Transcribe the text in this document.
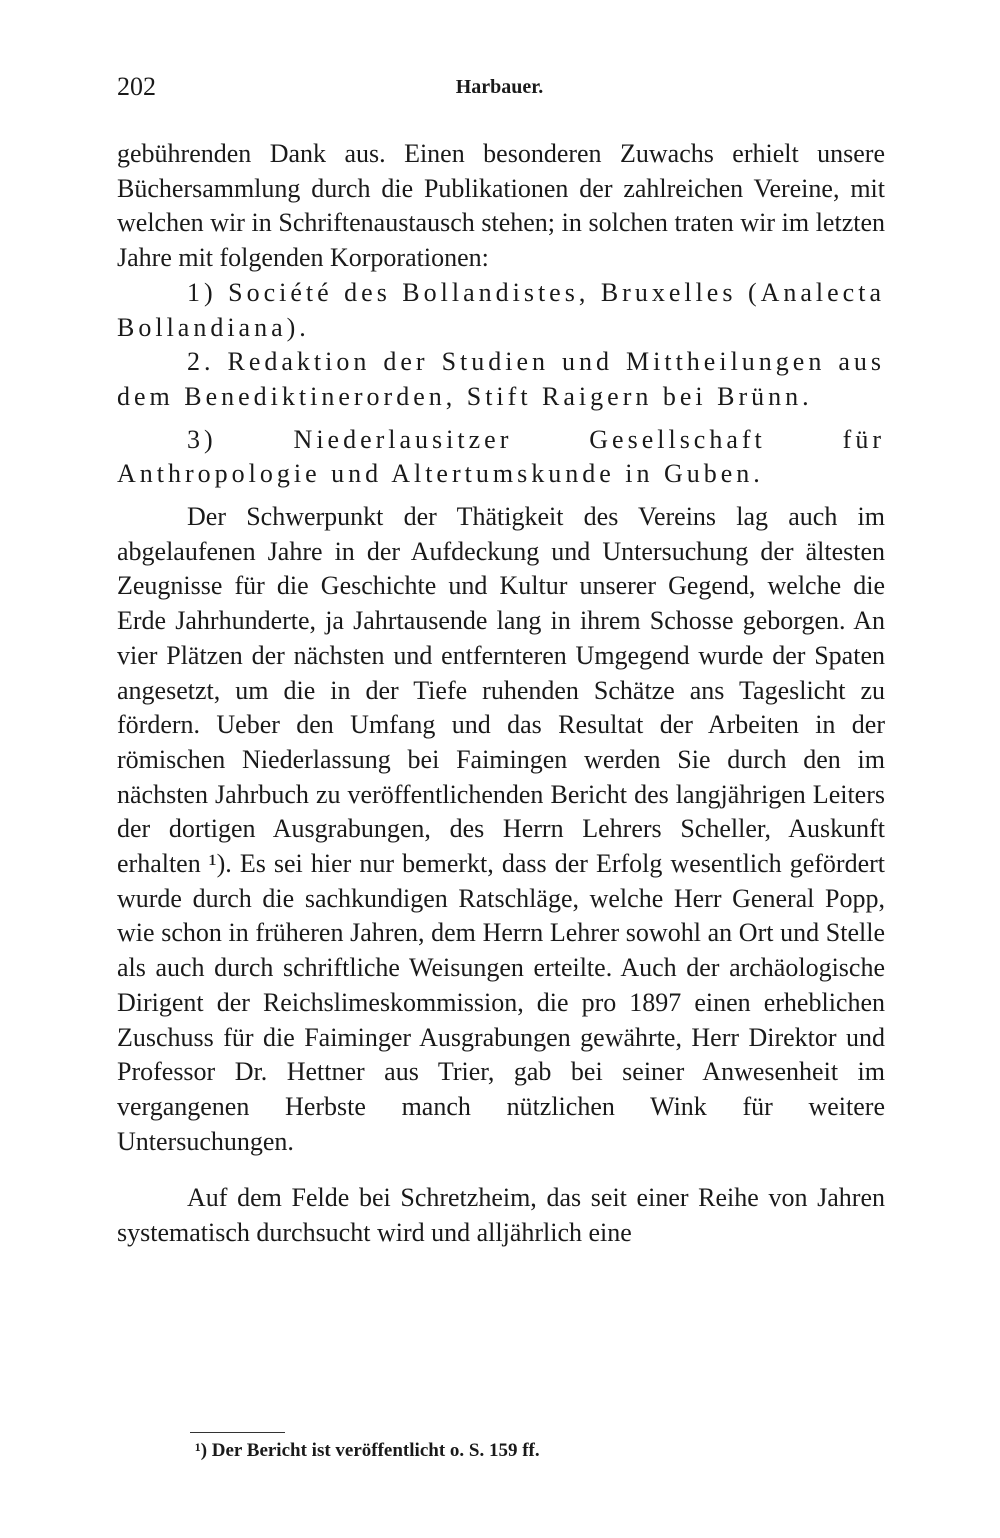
202	Harbauer.

gebührenden Dank aus. Einen besonderen Zuwachs erhielt unsere Büchersammlung durch die Publikationen der zahlreichen Vereine, mit welchen wir in Schriftenaustausch stehen; in solchen traten wir im letzten Jahre mit folgenden Korporationen:

1) Société des Bollandistes, Bruxelles (Analecta Bollandiana).

2. Redaktion der Studien und Mittheilungen aus dem Benediktinerorden, Stift Raigern bei Brünn.

3) Niederlausitzer Gesellschaft für Anthropologie und Altertumskunde in Guben.

Der Schwerpunkt der Thätigkeit des Vereins lag auch im abgelaufenen Jahre in der Aufdeckung und Untersuchung der ältesten Zeugnisse für die Geschichte und Kultur unserer Gegend, welche die Erde Jahrhunderte, ja Jahrtausende lang in ihrem Schosse geborgen. An vier Plätzen der nächsten und entfernteren Umgegend wurde der Spaten angesetzt, um die in der Tiefe ruhenden Schätze ans Tageslicht zu fördern. Ueber den Umfang und das Resultat der Arbeiten in der römischen Niederlassung bei Faimingen werden Sie durch den im nächsten Jahrbuch zu veröffentlichenden Bericht des langjährigen Leiters der dortigen Ausgrabungen, des Herrn Lehrers Scheller, Auskunft erhalten ¹). Es sei hier nur bemerkt, dass der Erfolg wesentlich gefördert wurde durch die sachkundigen Ratschläge, welche Herr General Popp, wie schon in früheren Jahren, dem Herrn Lehrer sowohl an Ort und Stelle als auch durch schriftliche Weisungen erteilte. Auch der archäologische Dirigent der Reichslimeskommission, die pro 1897 einen erheblichen Zuschuss für die Faiminger Ausgrabungen gewährte, Herr Direktor und Professor Dr. Hettner aus Trier, gab bei seiner Anwesenheit im vergangenen Herbste manch nützlichen Wink für weitere Untersuchungen.

Auf dem Felde bei Schretzheim, das seit einer Reihe von Jahren systematisch durchsucht wird und alljährlich eine

¹) Der Bericht ist veröffentlicht o. S. 159 ff.
